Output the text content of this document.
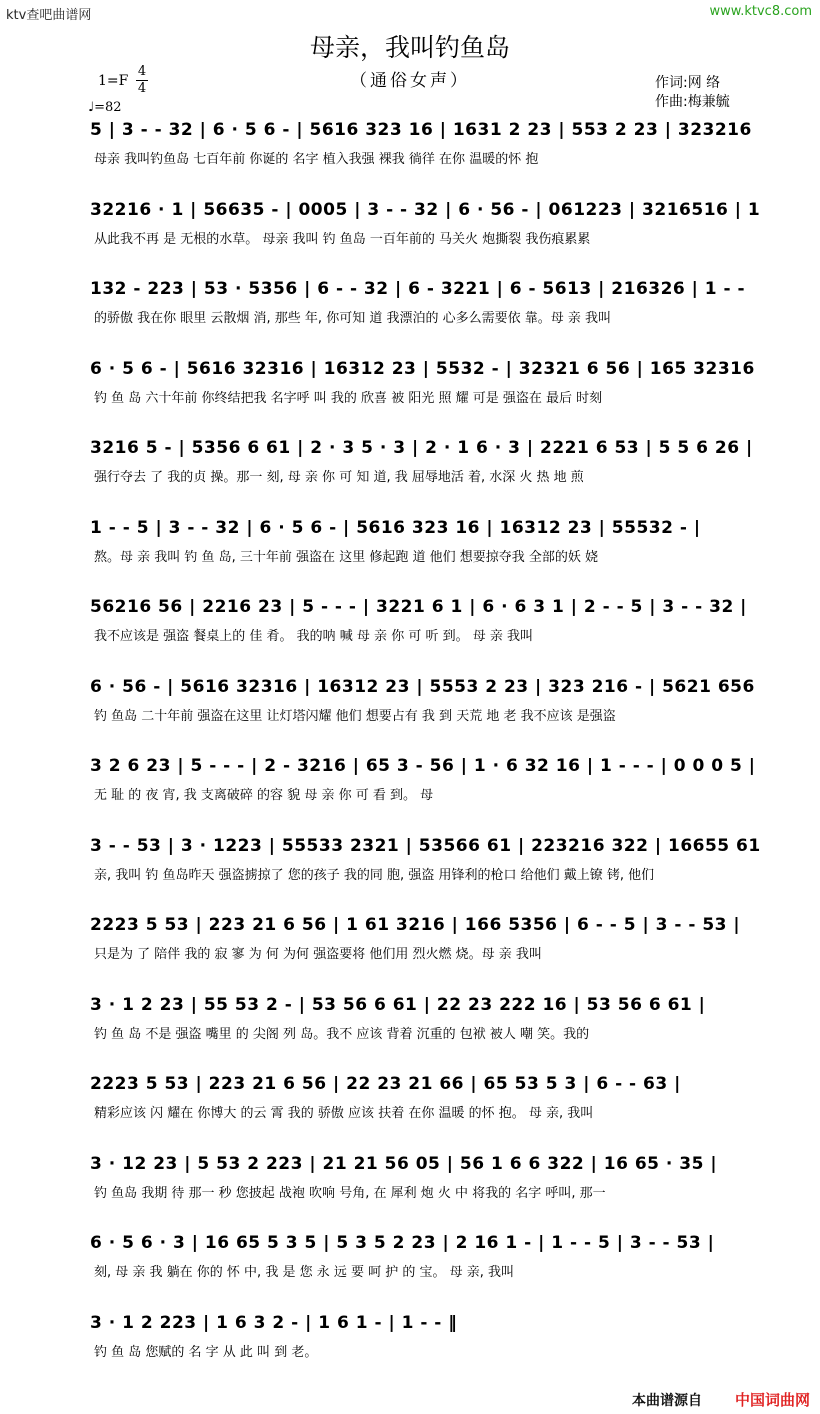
ktv查吧曲谱网	www.ktvc8.com
母亲，我叫钓鱼岛
（通俗女声）
1=F
4
4
♩=82
作词:网 络
作曲:梅兼毓
5 | 3 - - 32 | 6 · 5 6 - | 5616 323 16 | 1631 2 23 | 553 2 23 | 323216
母亲 我叫钓鱼岛 七百年前 你诞的 名字 植入我强 裸我 徜徉 在你 温暖的怀 抱
32216 · 1 | 56635 - | 0005 | 3 - - 32 | 6 · 56 - | 061223 | 3216516 | 1
从此我不再 是 无根的水草。 母亲 我叫 钓 鱼岛 一百年前的 马关火 炮撕裂 我伤痕累累
132 - 223 | 53 · 5356 | 6 - - 32 | 6 - 3221 | 6 - 5613 | 216326 | 1 - -
的骄傲 我在你 眼里 云散烟 消, 那些 年, 你可知 道 我漂泊的 心多么需要依 靠。母 亲 我叫
6 · 5 6 - | 5616 32316 | 16312 23 | 5532 - | 32321 6 56 | 165 32316
钓 鱼 岛 六十年前 你终结把我 名字呼 叫 我的 欣喜 被 阳光 照 耀 可是 强盗在 最后 时刻
3216 5 - | 5356 6 61 | 2 · 3 5 · 3 | 2 · 1 6 · 3 | 2221 6 53 | 5 5 6 26 |
强行夺去 了 我的贞 操。那一 刻, 母 亲 你 可 知 道, 我 屈辱地活 着, 水深 火 热 地 煎
1 - - 5 | 3 - - 32 | 6 · 5 6 - | 5616 323 16 | 16312 23 | 55532 - |
熬。母 亲 我叫 钓 鱼 岛, 三十年前 强盗在 这里 修起跑 道 他们 想要掠夺我 全部的妖 娆
56216 56 | 2216 23 | 5 - - - | 3221 6 1 | 6 · 6 3 1 | 2 - - 5 | 3 - - 32 |
我不应该是 强盗 餐桌上的 佳 肴。 我的呐 喊 母 亲 你 可 听 到。 母 亲 我叫
6 · 56 - | 5616 32316 | 16312 23 | 5553 2 23 | 323 216 - | 5621 656
钓 鱼岛 二十年前 强盗在这里 让灯塔闪耀 他们 想要占有 我 到 天荒 地 老 我不应该 是强盗
3 2 6 23 | 5 - - - | 2 - 3216 | 65 3 - 56 | 1 · 6 32 16 | 1 - - - | 0 0 0 5 |
无 耻 的 夜 宵, 我 支离破碎 的容 貌 母 亲 你 可 看 到。 母
3 - - 53 | 3 · 1223 | 55533 2321 | 53566 61 | 223216 322 | 16655 61
亲, 我叫 钓 鱼岛昨天 强盗掳掠了 您的孩子 我的同 胞, 强盗 用锋利的枪口 给他们 戴上镣 铐, 他们
2223 5 53 | 223 21 6 56 | 1 61 3216 | 166 5356 | 6 - - 5 | 3 - - 53 |
只是为 了 陪伴 我的 寂 寥 为 何 为何 强盗要将 他们用 烈火燃 烧。母 亲 我叫
3 · 1 2 23 | 55 53 2 - | 53 56 6 61 | 22 23 222 16 | 53 56 6 61 |
钓 鱼 岛 不是 强盗 嘴里 的 尖阁 列 岛。我不 应该 背着 沉重的 包袱 被人 嘲 笑。我的
2223 5 53 | 223 21 6 56 | 22 23 21 66 | 65 53 5 3 | 6 - - 63 |
精彩应该 闪 耀在 你博大 的云 霄 我的 骄傲 应该 扶着 在你 温暖 的怀 抱。 母 亲, 我叫
3 · 12 23 | 5 53 2 223 | 21 21 56 05 | 56 1 6 6 322 | 16 65 · 35 |
钓 鱼岛 我期 待 那一 秒 您披起 战袍 吹响 号角, 在 犀利 炮 火 中 将我的 名字 呼叫, 那一
6 · 5 6 · 3 | 16 65 5 3 5 | 5 3 5 2 23 | 2 16 1 - | 1 - - 5 | 3 - - 53 |
刻, 母 亲 我 躺在 你的 怀 中, 我 是 您 永 远 要 呵 护 的 宝。 母 亲, 我叫
3 · 1 2 223 | 1 6 3 2 - | 1 6 1 - | 1 - - ‖
钓 鱼 岛 您赋的 名 字 从 此 叫 到 老。
本曲谱源自 中国词曲网
